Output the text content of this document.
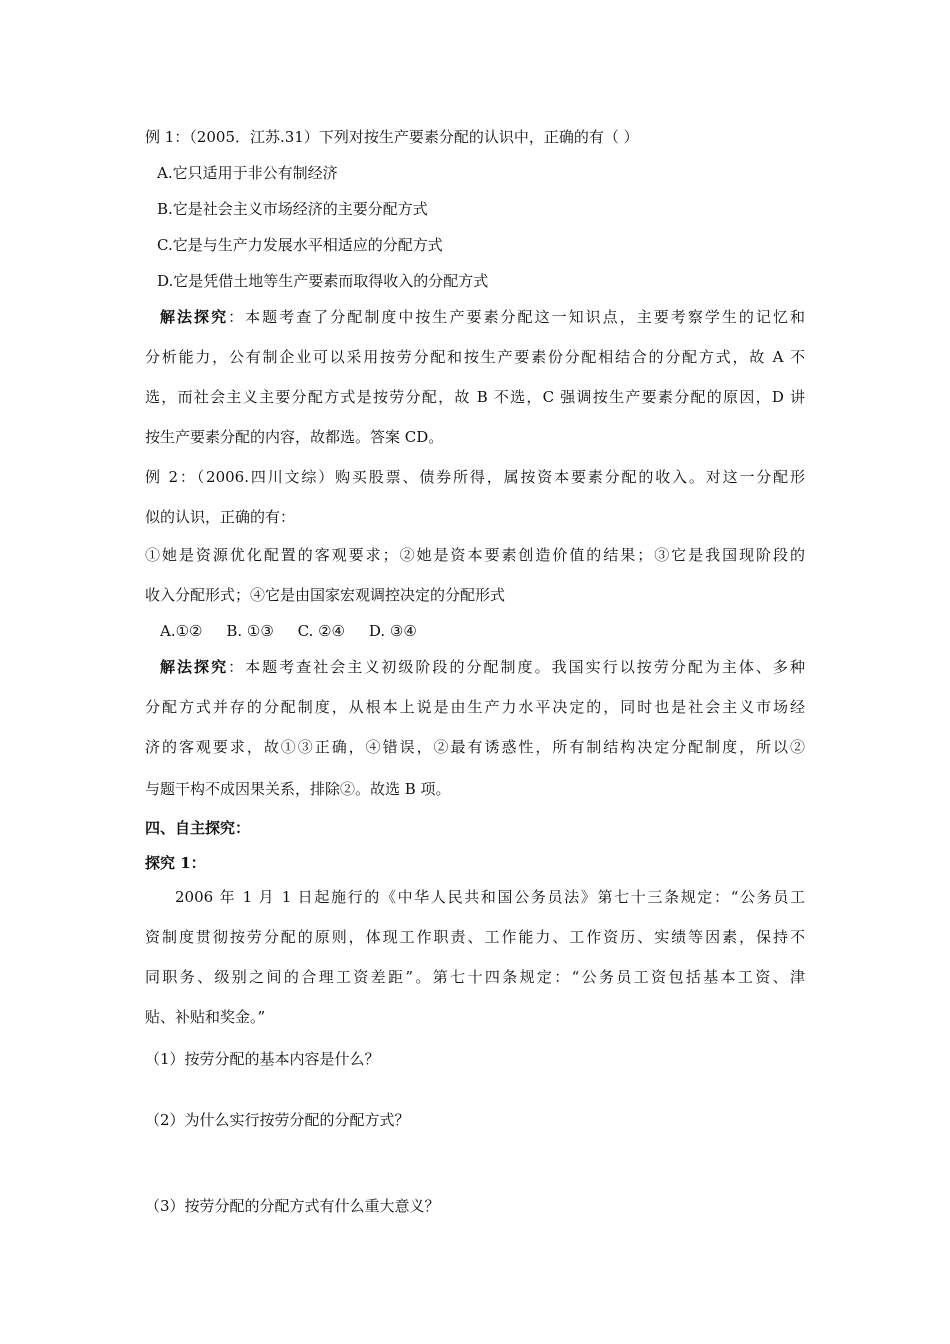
例 1：（2005．江苏.31）下列对按生产要素分配的认识中，正确的有（ ）
A.它只适用于非公有制经济
B.它是社会主义市场经济的主要分配方式
C.它是与生产力发展水平相适应的分配方式
D.它是凭借土地等生产要素而取得收入的分配方式
解法探究：本题考查了分配制度中按生产要素分配这一知识点，主要考察学生的记忆和
分析能力，公有制企业可以采用按劳分配和按生产要素份分配相结合的分配方式，故 A 不
选，而社会主义主要分配方式是按劳分配，故 B 不选，C 强调按生产要素分配的原因，D 讲
按生产要素分配的内容，故都选。答案 CD。
例 2：（2006.四川文综）购买股票、债券所得，属按资本要素分配的收入。对这一分配形
似的认识，正确的有：
①她是资源优化配置的客观要求；②她是资本要素创造价值的结果；③它是我国现阶段的
收入分配形式；④它是由国家宏观调控决定的分配形式
A.①②     B. ①③     C. ②④     D. ③④
解法探究：本题考查社会主义初级阶段的分配制度。我国实行以按劳分配为主体、多种
分配方式并存的分配制度，从根本上说是由生产力水平决定的，同时也是社会主义市场经
济的客观要求，故①③正确，④错误，②最有诱惑性，所有制结构决定分配制度，所以②
与题干构不成因果关系，排除②。故选 B 项。
四、自主探究：
探究 1：
2006 年 1 月 1 日起施行的《中华人民共和国公务员法》第七十三条规定：“公务员工
资制度贯彻按劳分配的原则，体现工作职责、工作能力、工作资历、实绩等因素，保持不
同职务、级别之间的合理工资差距”。第七十四条规定：“公务员工资包括基本工资、津
贴、补贴和奖金。”
（1）按劳分配的基本内容是什么？
（2）为什么实行按劳分配的分配方式？
（3）按劳分配的分配方式有什么重大意义？
